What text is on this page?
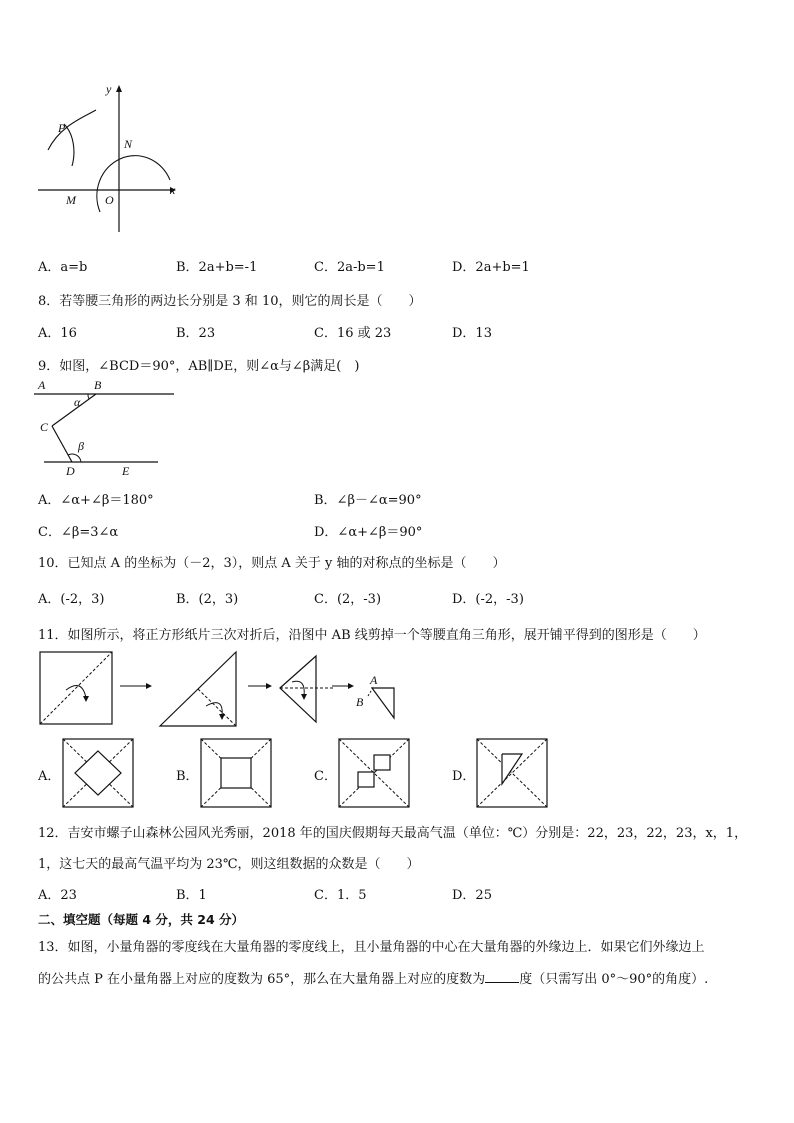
y
x
P
N
M O
A．a=b	B．2a+b=-1	C．2a-b=1	D．2a+b=1
8．若等腰三角形的两边长分别是 3 和 10，则它的周长是（　　）
A．16	B．23	C．16 或 23	D．13
9．如图，∠BCD＝90°，AB∥DE，则∠α与∠β满足(　)
A	B
α
C
β
D	E
A．∠α+∠β＝180°	B．∠β－∠α=90°
C．∠β=3∠α	D．∠α+∠β＝90°
10．已知点 A 的坐标为（－2，3），则点 A 关于 y 轴的对称点的坐标是（　　）
A．(-2，3)	B．(2，3)	C．(2，-3)	D．(-2，-3)
11．如图所示，将正方形纸片三次对折后，沿图中 AB 线剪掉一个等腰直角三角形，展开铺平得到的图形是（　　）
A
B
A．	B．	C．	D．
12．吉安市螺子山森林公园风光秀丽，2018 年的国庆假期每天最高气温（单位：℃）分别是：22，23，22，23，x，1，
1，这七天的最高气温平均为 23℃，则这组数据的众数是（　　）
A．23	B．1	C．1．5	D．25
二、填空题（每题 4 分，共 24 分）
13．如图，小量角器的零度线在大量角器的零度线上，且小量角器的中心在大量角器的外缘边上．如果它们外缘边上
的公共点 P 在小量角器上对应的度数为 65°，那么在大量角器上对应的度数为	度（只需写出 0°～90°的角度）.
